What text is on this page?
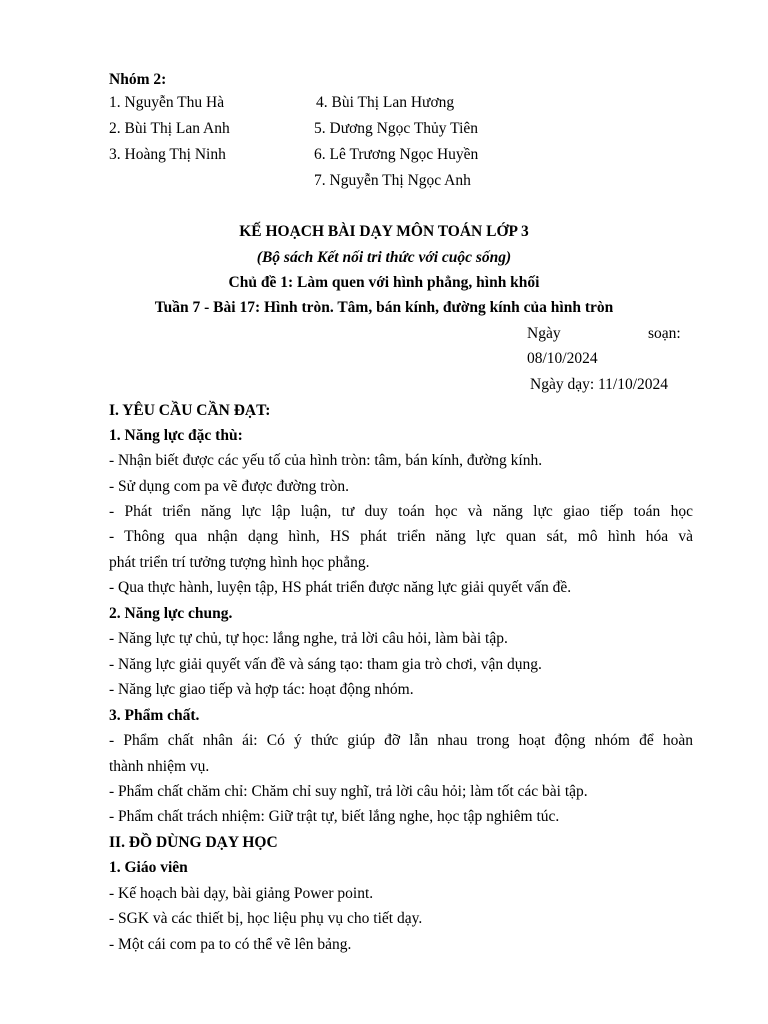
Nhóm 2:
1. Nguyễn Thu Hà	4. Bùi Thị Lan Hương
2. Bùi Thị Lan Anh	5. Dương Ngọc Thủy Tiên
3. Hoàng Thị Ninh	6. Lê Trương Ngọc Huyền
7. Nguyễn Thị Ngọc Anh
KẾ HOẠCH BÀI DẠY MÔN TOÁN LỚP 3
(Bộ sách Kết nối tri thức với cuộc sống)
Chủ đề 1: Làm quen với hình phẳng, hình khối
Tuần 7 - Bài 17: Hình tròn. Tâm, bán kính, đường kính của hình tròn
Ngày	soạn:
08/10/2024
Ngày dạy: 11/10/2024
I. YÊU CẦU CẦN ĐẠT:
1. Năng lực đặc thù:
- Nhận biết được các yếu tố của hình tròn: tâm, bán kính, đường kính.
- Sử dụng com pa vẽ được đường tròn.
- Phát triển năng lực lập luận, tư duy toán học và năng lực giao tiếp toán học
- Thông qua nhận dạng hình, HS phát triển năng lực quan sát, mô hình hóa và
phát triển trí tưởng tượng hình học phẳng.
- Qua thực hành, luyện tập, HS phát triển được năng lực giải quyết vấn đề.
2. Năng lực chung.
- Năng lực tự chủ, tự học: lắng nghe, trả lời câu hỏi, làm bài tập.
- Năng lực giải quyết vấn đề và sáng tạo: tham gia trò chơi, vận dụng.
- Năng lực giao tiếp và hợp tác: hoạt động nhóm.
3. Phẩm chất.
- Phẩm chất nhân ái: Có ý thức giúp đỡ lẫn nhau trong hoạt động nhóm để hoàn
thành nhiệm vụ.
- Phẩm chất chăm chỉ: Chăm chỉ suy nghĩ, trả lời câu hỏi; làm tốt các bài tập.
- Phẩm chất trách nhiệm: Giữ trật tự, biết lắng nghe, học tập nghiêm túc.
II. ĐỒ DÙNG DẠY HỌC
1. Giáo viên
- Kế hoạch bài dạy, bài giảng Power point.
- SGK và các thiết bị, học liệu phụ vụ cho tiết dạy.
- Một cái com pa to có thể vẽ lên bảng.
